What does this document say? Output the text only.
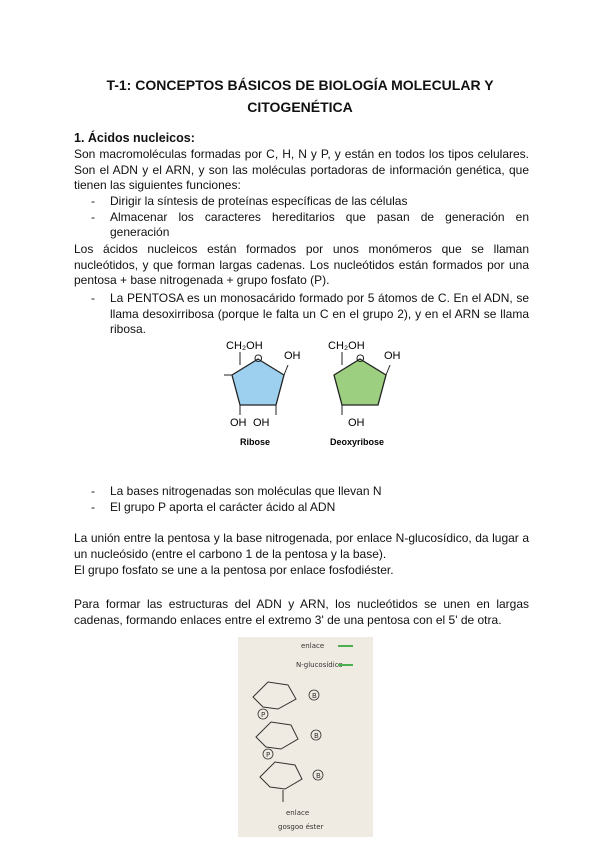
T-1: CONCEPTOS BÁSICOS DE BIOLOGÍA MOLECULAR Y
CITOGENÉTICA
1. Ácidos nucleicos:
Son macromoléculas formadas por C, H, N y P, y están en todos los tipos celulares. Son el ADN y el ARN, y son las moléculas portadoras de información genética, que tienen las siguientes funciones:
- Dirigir la síntesis de proteínas específicas de las células
- Almacenar los caracteres hereditarios que pasan de generación en generación
Los ácidos nucleicos están formados por unos monómeros que se llaman nucleótidos, y que forman largas cadenas. Los nucleótidos están formados por una pentosa + base nitrogenada + grupo fosfato (P).
- La PENTOSA es un monosacárido formado por 5 átomos de C. En el ADN, se llama desoxirribosa (porque le falta un C en el grupo 2), y en el ARN se llama ribosa.
CH₂OH
O OH
OH OH
Ribose
CH₂OH
O OH
OH
Deoxyribose
- La bases nitrogenadas son moléculas que llevan N
- El grupo P aporta el carácter ácido al ADN
La unión entre la pentosa y la base nitrogenada, por enlace N-glucosídico, da lugar a un nucleósido (entre el carbono 1 de la pentosa y la base).
El grupo fosfato se une a la pentosa por enlace fosfodiéster.
Para formar las estructuras del ADN y ARN, los nucleótidos se unen en largas cadenas, formando enlaces entre el extremo 3' de una pentosa con el 5' de otra.
enlace
N-glucosídico
B
B
B
P
P
enlace
gosgoo éster
